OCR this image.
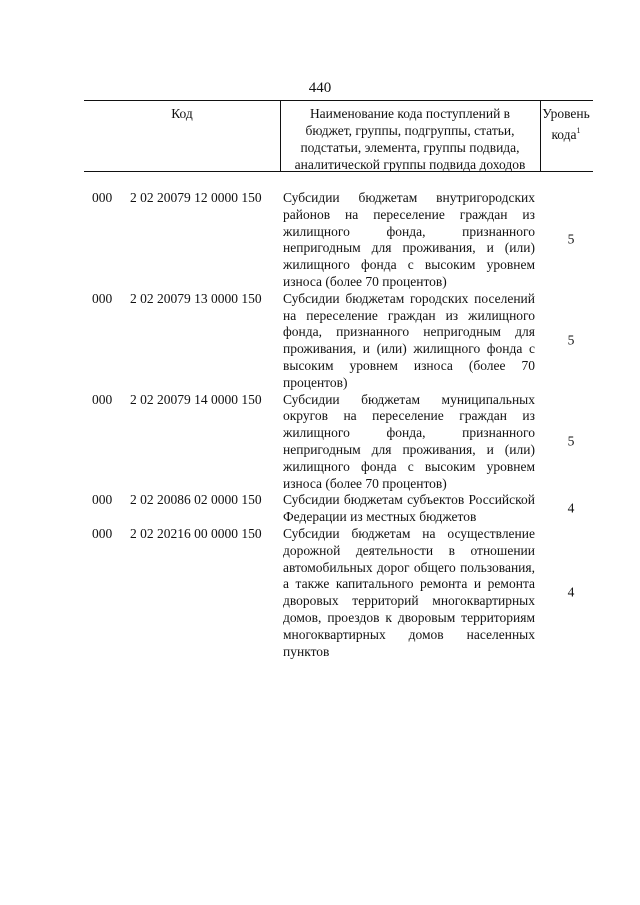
440
Код	Наименование кода поступлений в
бюджет, группы, подгруппы, статьи,
подстатьи, элемента, группы подвида,
аналитической группы подвида доходов
Уровень
кода$^1$
000 2 02 20079 12 0000 150 Субсидии бюджетам внутригородских районов на переселение граждан из жилищного фонда, признанного непригодным для проживания, и (или) жилищного фонда с высоким уровнем износа (более 70 процентов)
5
000 2 02 20079 13 0000 150 Субсидии бюджетам городских поселений на переселение граждан из жилищного фонда, признанного непригодным для проживания, и (или) жилищного фонда с высоким уровнем износа (более 70 процентов)
5
000 2 02 20079 14 0000 150 Субсидии бюджетам муниципальных округов на переселение граждан из жилищного фонда, признанного непригодным для проживания, и (или) жилищного фонда с высоким уровнем износа (более 70 процентов)
5
000 2 02 20086 02 0000 150 Субсидии бюджетам субъектов Российской Федерации из местных бюджетов
4
000 2 02 20216 00 0000 150 Субсидии бюджетам на осуществление дорожной деятельности в отношении автомобильных дорог общего пользования, а также капитального ремонта и ремонта дворовых территорий многоквартирных домов, проездов к дворовым территориям многоквартирных домов населенных пунктов
4
